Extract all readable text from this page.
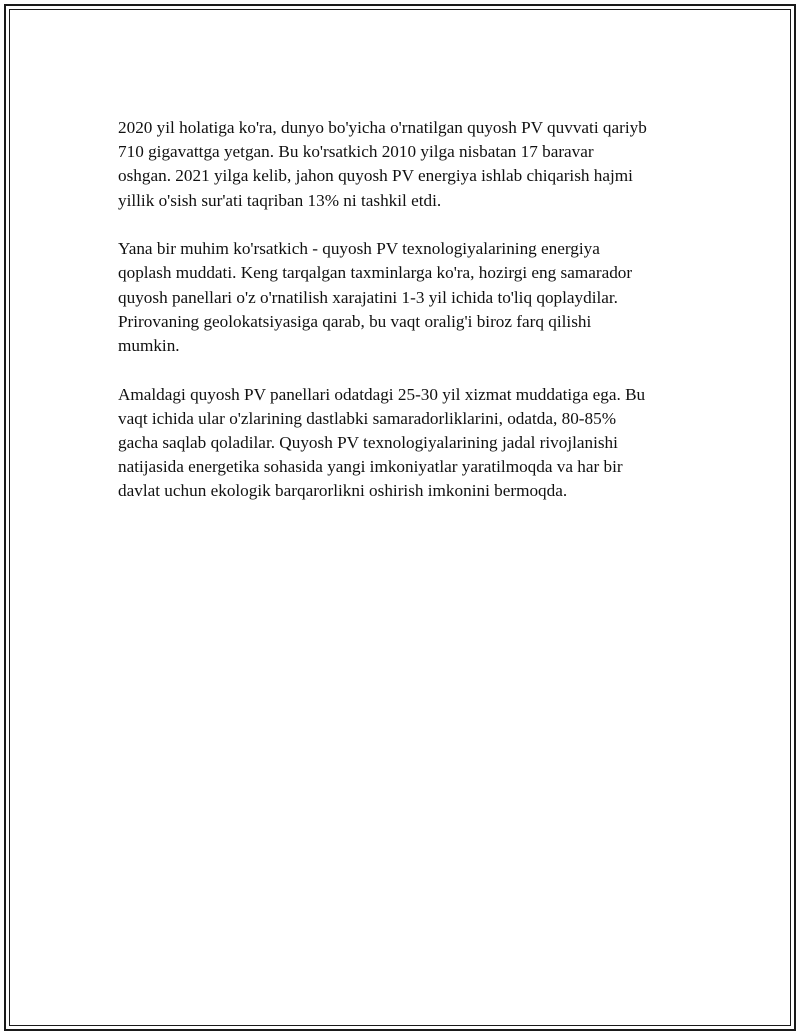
2020 yil holatiga ko'ra, dunyo bo'yicha o'rnatilgan quyosh PV quvvati qariyb
710 gigavattga yetgan. Bu ko'rsatkich 2010 yilga nisbatan 17 baravar
oshgan. 2021 yilga kelib, jahon quyosh PV energiya ishlab chiqarish hajmi
yillik o'sish sur'ati taqriban 13% ni tashkil etdi.

Yana bir muhim ko'rsatkich - quyosh PV texnologiyalarining energiya
qoplash muddati. Keng tarqalgan taxminlarga ko'ra, hozirgi eng samarador
quyosh panellari o'z o'rnatilish xarajatini 1-3 yil ichida to'liq qoplaydilar.
Prirovaning geolokatsiyasiga qarab, bu vaqt oralig'i biroz farq qilishi
mumkin.

Amaldagi quyosh PV panellari odatdagi 25-30 yil xizmat muddatiga ega. Bu
vaqt ichida ular o'zlarining dastlabki samaradorliklarini, odatda, 80-85%
gacha saqlab qoladilar. Quyosh PV texnologiyalarining jadal rivojlanishi
natijasida energetika sohasida yangi imkoniyatlar yaratilmoqda va har bir
davlat uchun ekologik barqarorlikni oshirish imkonini bermoqda.
